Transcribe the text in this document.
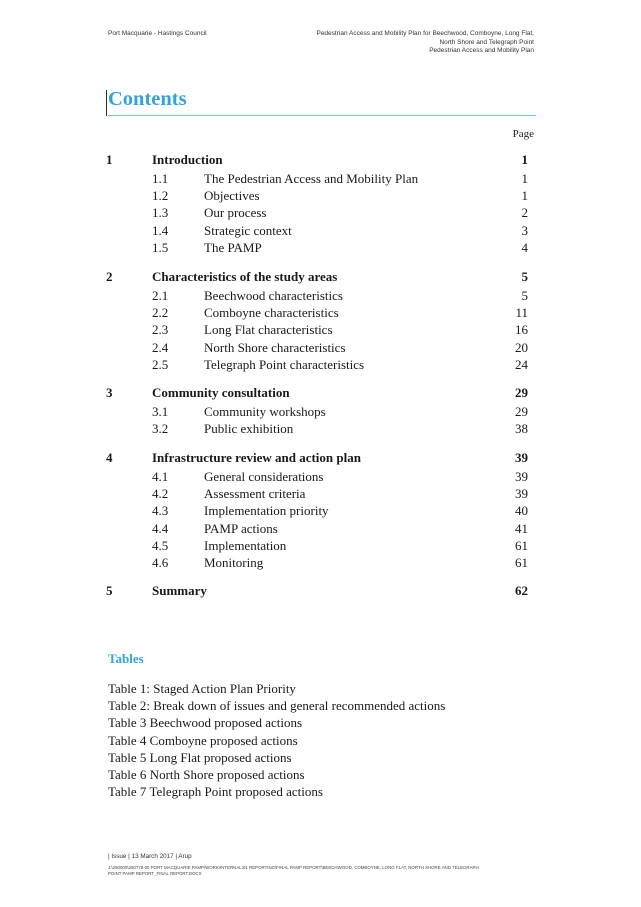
Port Macquarie - Hastings Council	Pedestrian Access and Mobility Plan for Beechwood, Comboyne, Long Flat,
North Shore and Telegraph Point
Pedestrian Access and Mobility Plan
Contents
Page
1	Introduction	1
1.1	The Pedestrian Access and Mobility Plan	1
1.2	Objectives	1
1.3	Our process	2
1.4	Strategic context	3
1.5	The PAMP	4
2	Characteristics of the study areas	5
2.1	Beechwood characteristics	5
2.2	Comboyne characteristics	11
2.3	Long Flat characteristics	16
2.4	North Shore characteristics	20
2.5	Telegraph Point characteristics	24
3	Community consultation	29
3.1	Community workshops	29
3.2	Public exhibition	38
4	Infrastructure review and action plan	39
4.1	General considerations	39
4.2	Assessment criteria	39
4.3	Implementation priority	40
4.4	PAMP actions	41
4.5	Implementation	61
4.6	Monitoring	61
5	Summary	62
Tables
Table 1: Staged Action Plan Priority
Table 2: Break down of issues and general recommended actions
Table 3 Beechwood proposed actions
Table 4 Comboyne proposed actions
Table 5 Long Flat proposed actions
Table 6 North Shore proposed actions
Table 7 Telegraph Point proposed actions
| Issue | 13 March 2017 | Arup
J:\250000\250778-00 PORT MACQUARIE PAMP\WORK\INTERNAL\01 REPORTING\FINAL PAMP REPORT\BEECHWOOD, COMBOYNE, LONG FLAT, NORTH SHORE AND TELEGRAPH POINT PAMP REPORT_FINAL REPORT.DOCX
